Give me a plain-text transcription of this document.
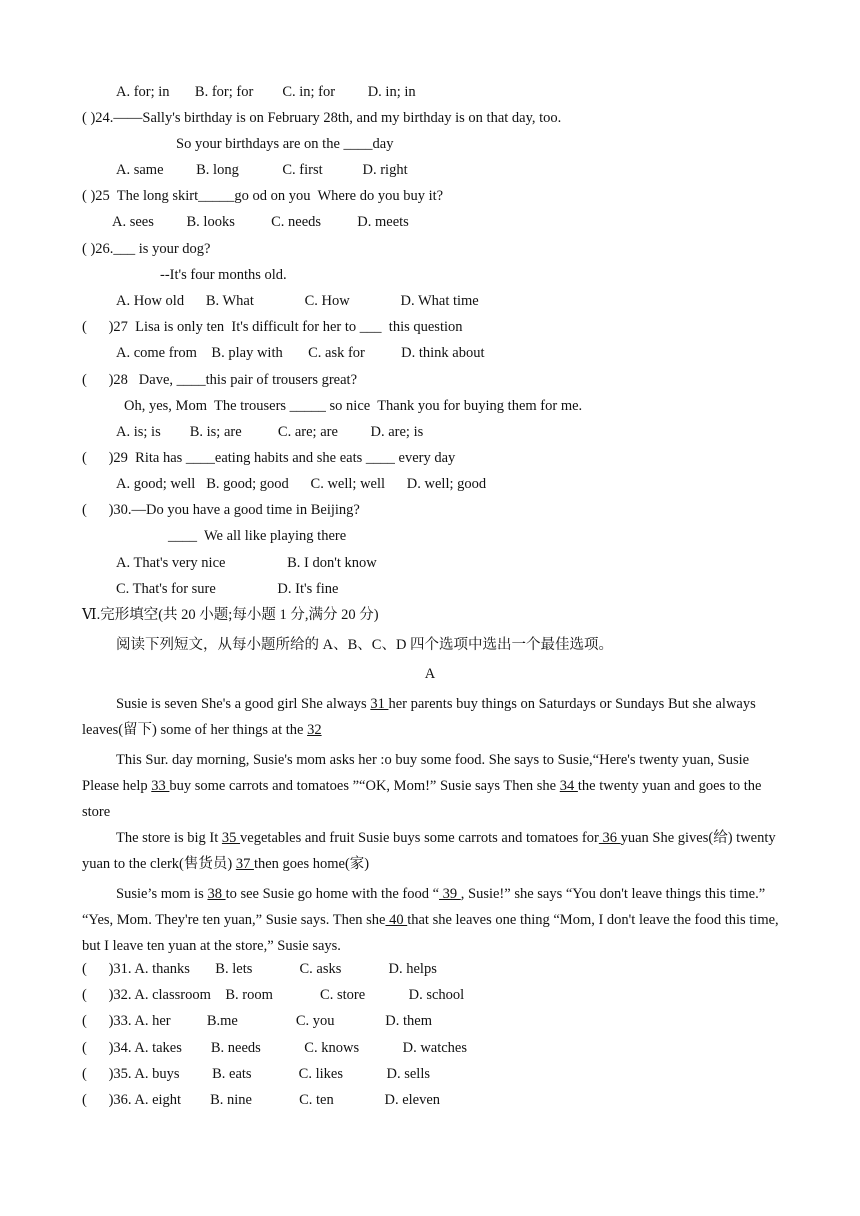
A. for; in       B. for; for        C. in; for         D. in; in
( )24.——Sally's birthday is on February 28th, and my birthday is on that day, too.
So your birthdays are on the ____day
A. same         B. long            C. first           D. right
( )25  The long skirt_____go od on you  Where do you buy it?
A. sees         B. looks          C. needs          D. meets
( )26.___ is your dog?
--It's four months old.
A. How old      B. What              C. How              D. What time
(      )27  Lisa is only ten  It's difficult for her to ___  this question
A. come from    B. play with       C. ask for          D. think about
(      )28   Dave, ____this pair of trousers great?
Oh, yes, Mom  The trousers _____ so nice  Thank you for buying them for me.
A. is; is        B. is; are          C. are; are         D. are; is
(      )29  Rita has ____eating habits and she eats ____ every day
A. good; well   B. good; good      C. well; well      D. well; good
(      )30.—Do you have a good time in Beijing?
____  We all like playing there
A. That's very nice                 B. I don't know
C. That's for sure                 D. It's fine
Ⅵ.完形填空(共 20 小题;每小题 1 分,满分 20 分)
阅读下列短文，从每小题所给的 A、B、C、D 四个选项中选出一个最佳选项。
A
Susie is seven She's a good girl She always 31 her parents buy things on Saturdays or Sundays But she always leaves(留下) some of her things at the 32
This Sur. day morning, Susie's mom asks her :o buy some food. She says to Susie,“Here's twenty yuan, Susie Please help 33 buy some carrots and tomatoes ”“OK, Mom!” Susie says Then she 34 the twenty yuan and goes to the store
The store is big It 35 vegetables and fruit Susie buys some carrots and tomatoes for 36 yuan She gives(给) twenty yuan to the clerk(售货员) 37 then goes home(家)
Susie’s mom is 38 to see Susie go home with the food “ 39 , Susie!” she says “You don't leave things this time.” “Yes, Mom. They're ten yuan,” Susie says. Then she 40 that she leaves one thing “Mom, I don't leave the food this time, but I leave ten yuan at the store,” Susie says.
(      )31. A. thanks       B. lets             C. asks             D. helps
(      )32. A. classroom    B. room             C. store            D. school
(      )33. A. her          B.me                C. you              D. them
(      )34. A. takes        B. needs            C. knows            D. watches
(      )35. A. buys         B. eats             C. likes            D. sells
(      )36. A. eight        B. nine             C. ten              D. eleven
